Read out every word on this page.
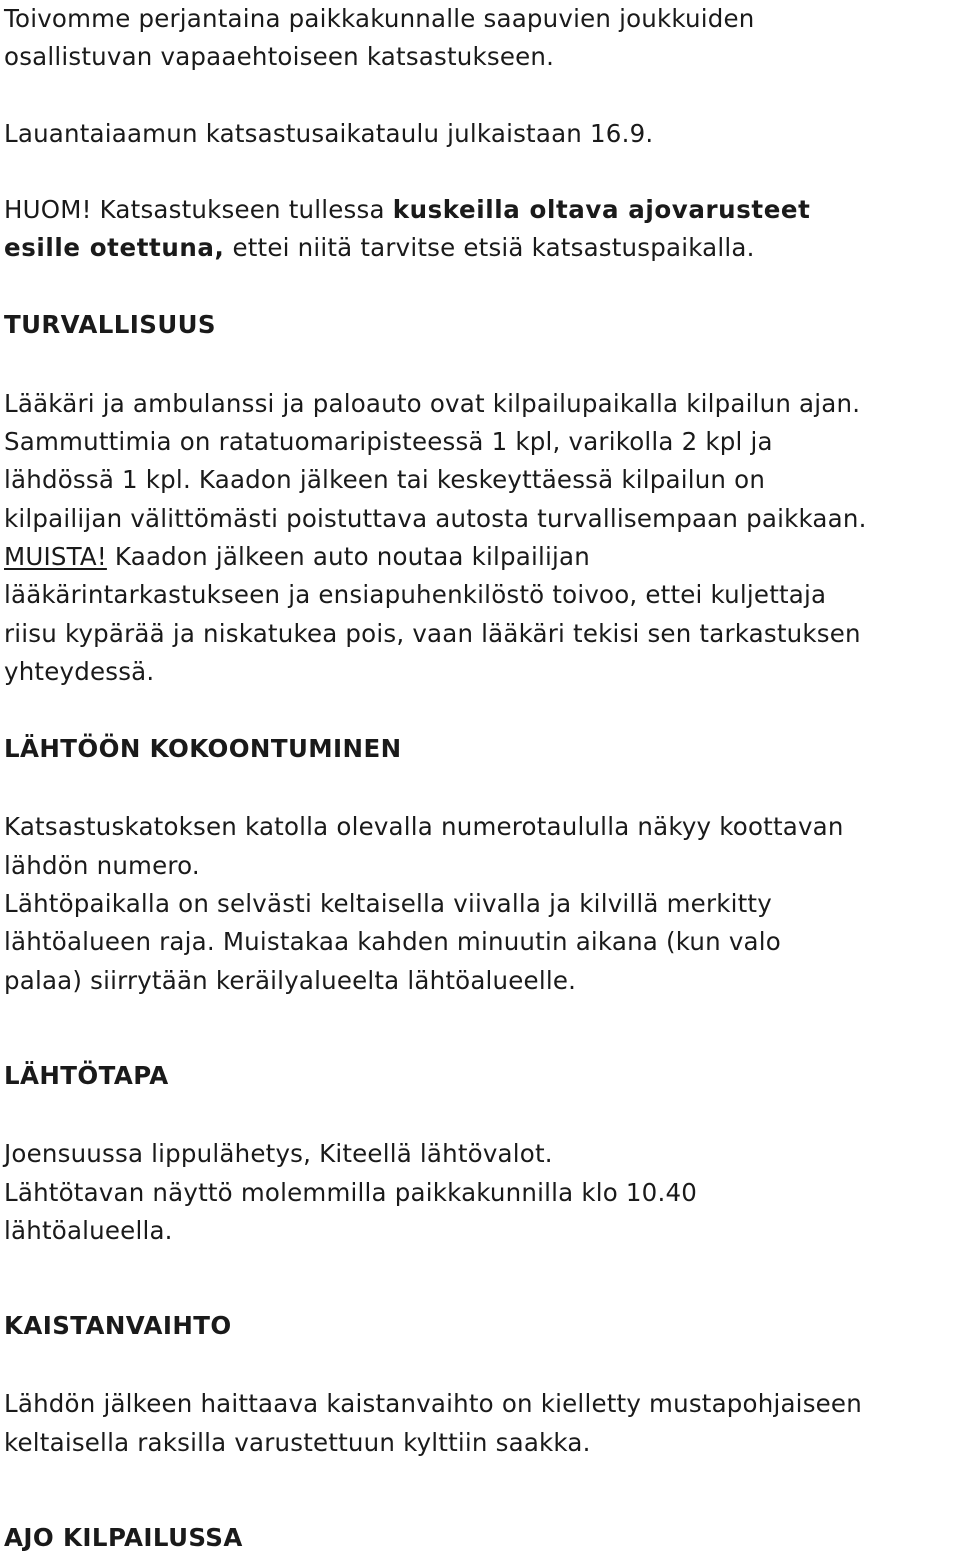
Toivomme perjantaina paikkakunnalle saapuvien joukkuiden

osallistuvan vapaaehtoiseen katsastukseen.

Lauantaiaamun katsastusaikataulu julkaistaan 16.9.

HUOM! Katsastukseen tullessa kuskeilla oltava ajovarusteet

esille otettuna, ettei niitä tarvitse etsiä katsastuspaikalla.

TURVALLISUUS

Lääkäri ja ambulanssi ja paloauto ovat kilpailupaikalla kilpailun ajan.

Sammuttimia on ratatuomaripisteessä 1 kpl, varikolla 2 kpl ja

lähdössä 1 kpl. Kaadon jälkeen tai keskeyttäessä kilpailun on

kilpailijan välittömästi poistuttava autosta turvallisempaan paikkaan.

MUISTA! Kaadon jälkeen auto noutaa kilpailijan

lääkärintarkastukseen ja ensiapuhenkilöstö toivoo, ettei kuljettaja

riisu kypärää ja niskatukea pois, vaan lääkäri tekisi sen tarkastuksen

yhteydessä.

LÄHTÖÖN KOKOONTUMINEN

Katsastuskatoksen katolla olevalla numerotaululla näkyy koottavan

lähdön numero.

Lähtöpaikalla on selvästi keltaisella viivalla ja kilvillä merkitty

lähtöalueen raja. Muistakaa kahden minuutin aikana (kun valo

palaa) siirrytään keräilyalueelta lähtöalueelle.

LÄHTÖTAPA

Joensuussa lippulähetys, Kiteellä lähtövalot.

Lähtötavan näyttö molemmilla paikkakunnilla klo 10.40

lähtöalueella.

KAISTANVAIHTO

Lähdön jälkeen haittaava kaistanvaihto on kielletty mustapohjaiseen

keltaisella raksilla varustettuun kylttiin saakka.

AJO KILPAILUSSA
